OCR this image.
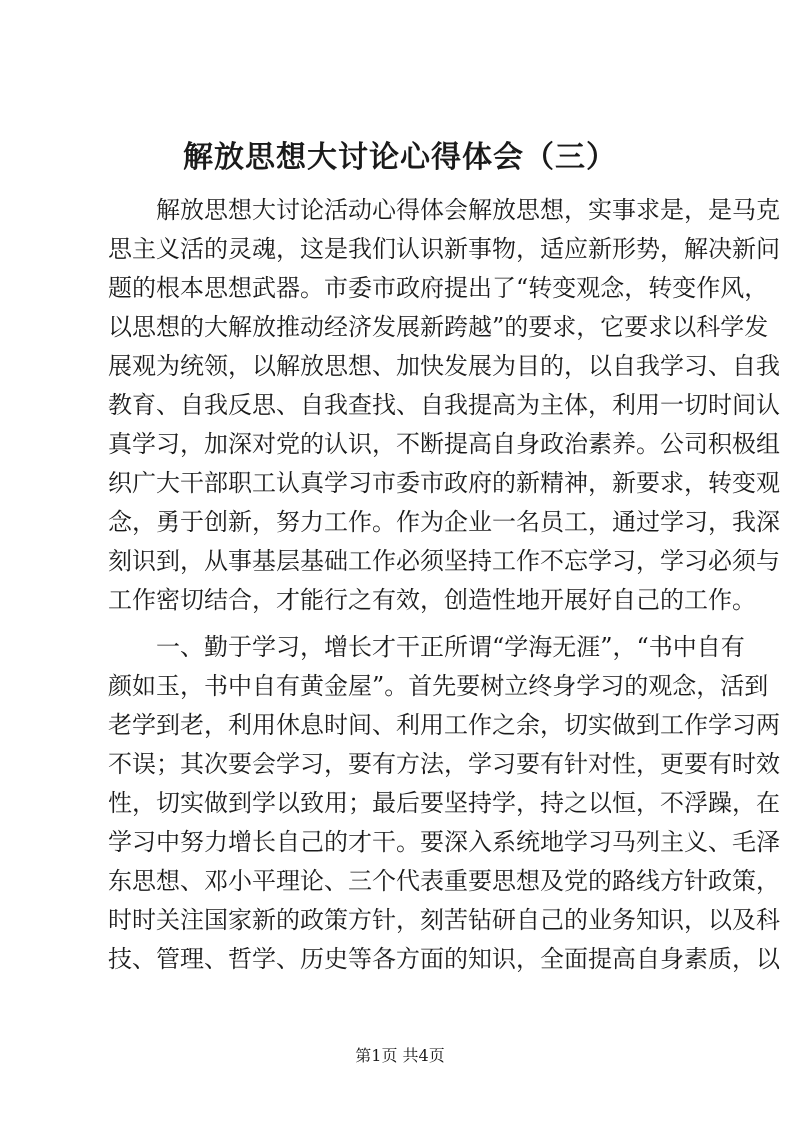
解放思想大讨论心得体会（三）
　　解放思想大讨论活动心得体会解放思想，实事求是，是马克
思主义活的灵魂，这是我们认识新事物，适应新形势，解决新问
题的根本思想武器。市委市政府提出了“转变观念，转变作风，
以思想的大解放推动经济发展新跨越”的要求，它要求以科学发
展观为统领，以解放思想、加快发展为目的，以自我学习、自我
教育、自我反思、自我查找、自我提高为主体，利用一切时间认
真学习，加深对党的认识，不断提高自身政治素养。公司积极组
织广大干部职工认真学习市委市政府的新精神，新要求，转变观
念，勇于创新，努力工作。作为企业一名员工，通过学习，我深
刻识到，从事基层基础工作必须坚持工作不忘学习，学习必须与
工作密切结合，才能行之有效，创造性地开展好自己的工作。
　　一、勤于学习，增长才干正所谓“学海无涯”，“书中自有
颜如玉，书中自有黄金屋”。首先要树立终身学习的观念，活到
老学到老，利用休息时间、利用工作之余，切实做到工作学习两
不误；其次要会学习，要有方法，学习要有针对性，更要有时效
性，切实做到学以致用；最后要坚持学，持之以恒，不浮躁，在
学习中努力增长自己的才干。要深入系统地学习马列主义、毛泽
东思想、邓小平理论、三个代表重要思想及党的路线方针政策，
时时关注国家新的政策方针，刻苦钻研自己的业务知识，以及科
技、管理、哲学、历史等各方面的知识，全面提高自身素质，以
第1页 共4页
